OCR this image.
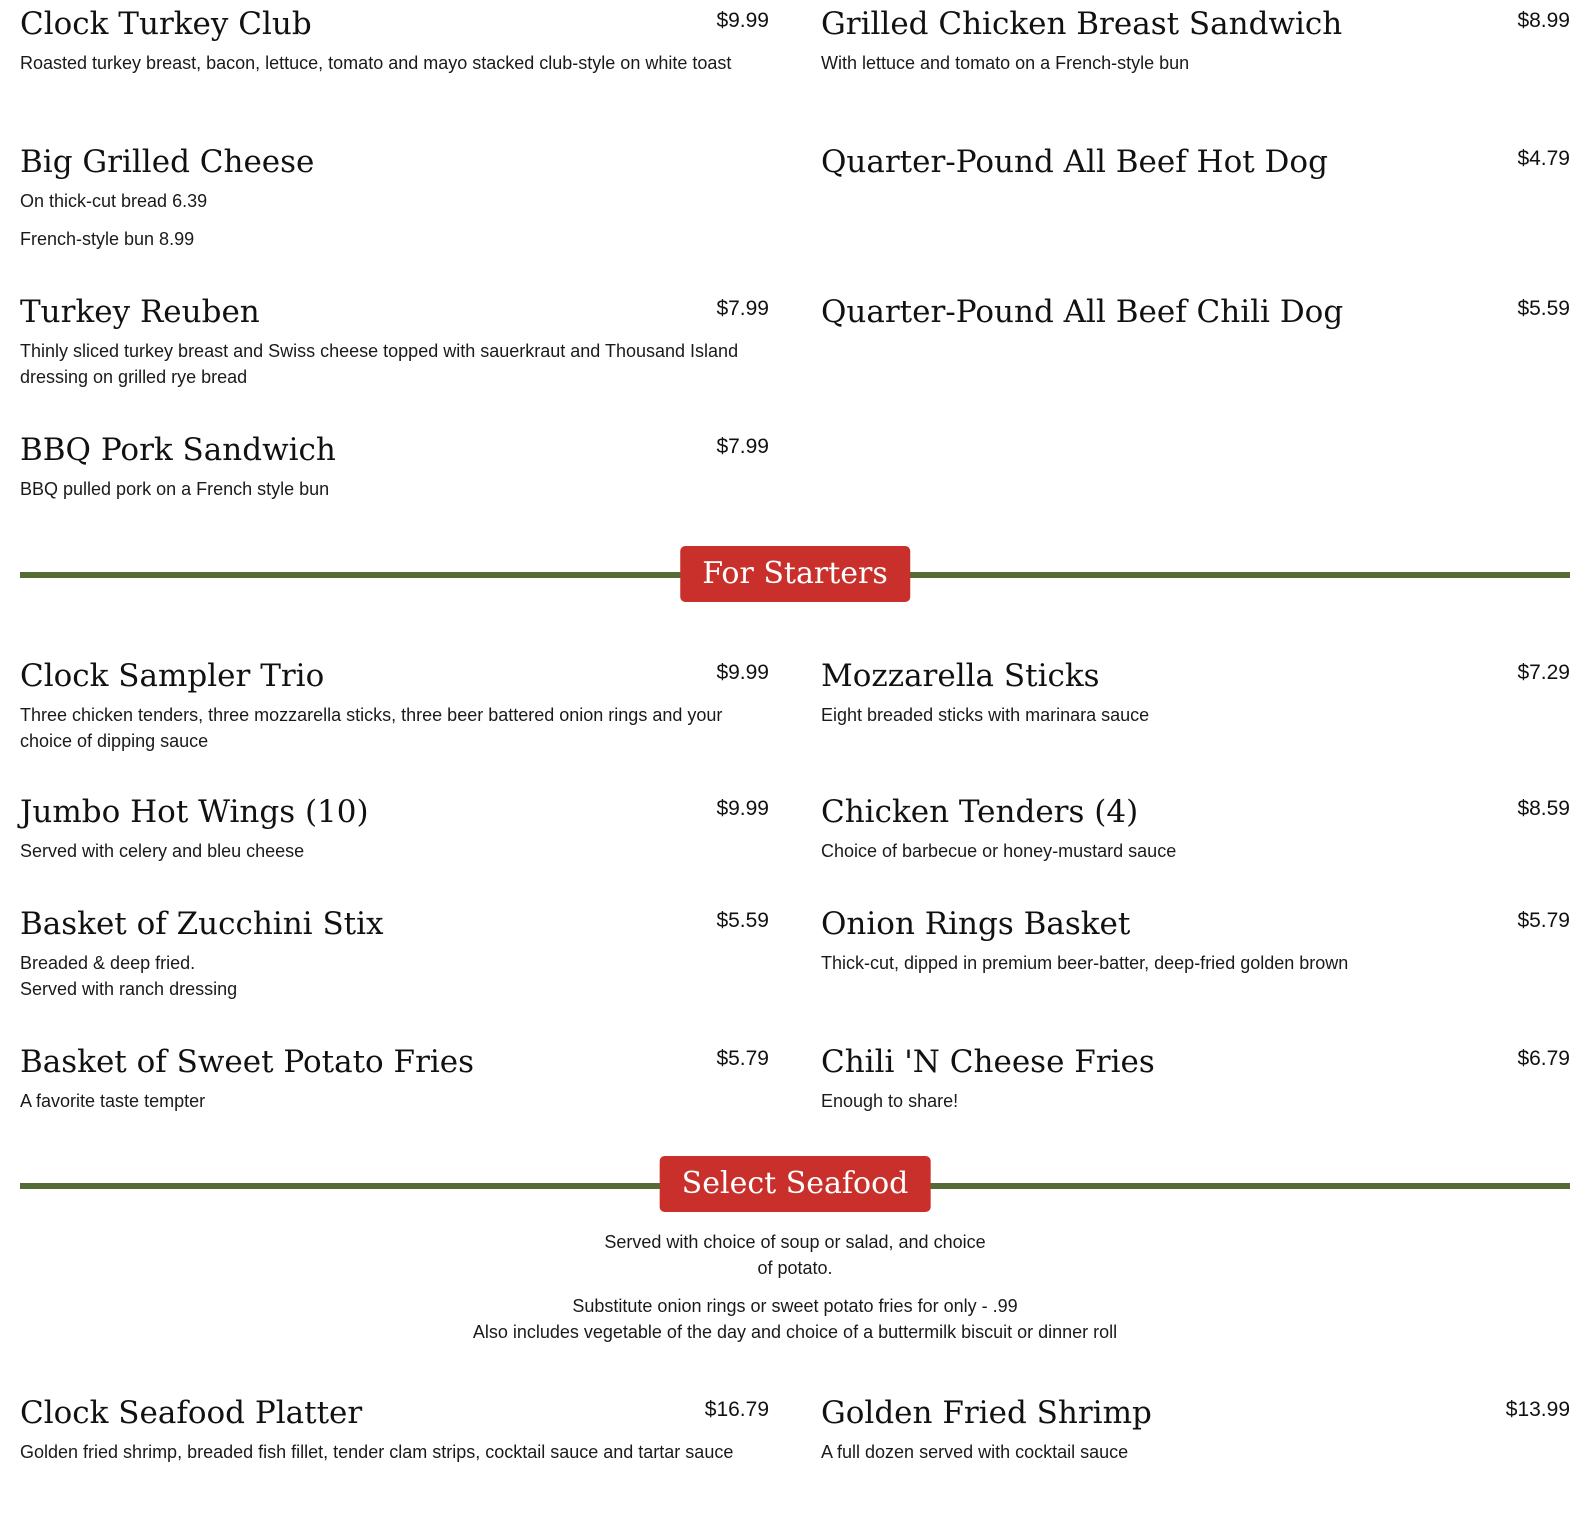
Clock Turkey Club	$9.99

Roasted turkey breast, bacon, lettuce, tomato and mayo stacked club-style on white toast

Big Grilled Cheese

On thick-cut bread 6.39

French-style bun 8.99

Turkey Reuben	$7.99

Thinly sliced turkey breast and Swiss cheese topped with sauerkraut and Thousand Island dressing on grilled rye bread

BBQ Pork Sandwich	$7.99

BBQ pulled pork on a French style bun

Grilled Chicken Breast Sandwich	$8.99

With lettuce and tomato on a French-style bun

Quarter-Pound All Beef Hot Dog	$4.79
Quarter-Pound All Beef Chili Dog	$5.59
For Starters
Clock Sampler Trio	$9.99

Three chicken tenders, three mozzarella sticks, three beer battered onion rings and your choice of dipping sauce

Jumbo Hot Wings (10)	$9.99

Served with celery and bleu cheese

Basket of Zucchini Stix	$5.59

Breaded & deep fried.
Served with ranch dressing

Basket of Sweet Potato Fries	$5.79

A favorite taste tempter

Mozzarella Sticks	$7.29

Eight breaded sticks with marinara sauce

Chicken Tenders (4)	$8.59

Choice of barbecue or honey-mustard sauce

Onion Rings Basket	$5.79

Thick-cut, dipped in premium beer-batter, deep-fried golden brown

Chili 'N Cheese Fries	$6.79

Enough to share!

Select Seafood

Served with choice of soup or salad, and choice
of potato.

Substitute onion rings or sweet potato fries for only - .99
Also includes vegetable of the day and choice of a buttermilk biscuit or dinner roll

Clock Seafood Platter	$16.79

Golden fried shrimp, breaded fish fillet, tender clam strips, cocktail sauce and tartar sauce

Golden Fried Shrimp	$13.99

A full dozen served with cocktail sauce
